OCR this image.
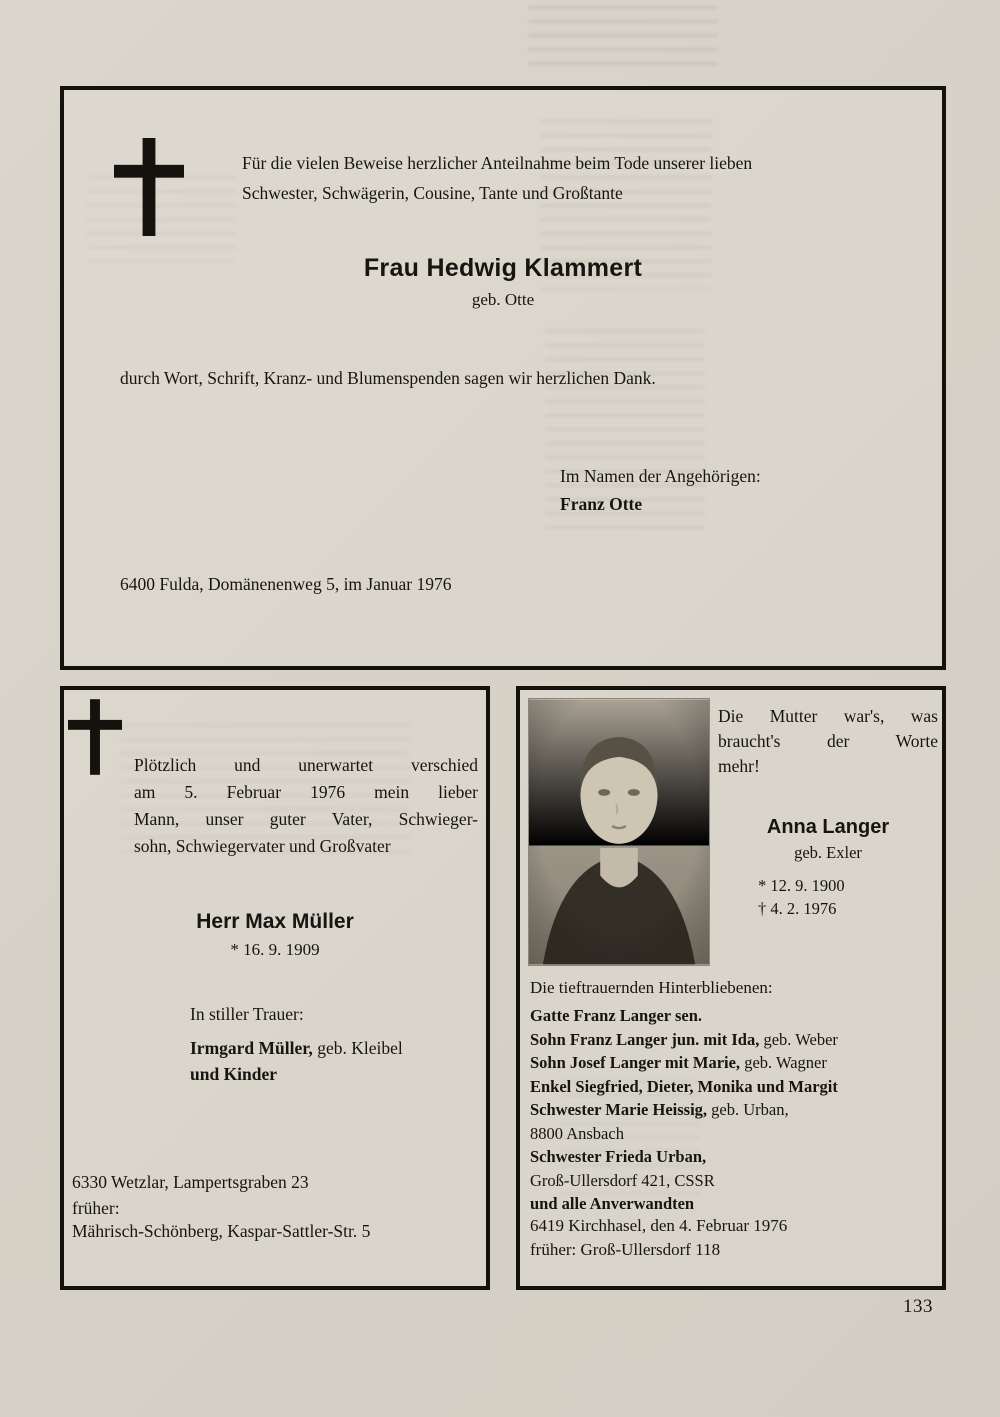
Für die vielen Beweise herzlicher Anteilnahme beim Tode unserer lieben
Schwester, Schwägerin, Cousine, Tante und Großtante
Frau Hedwig Klammert
geb. Otte
durch Wort, Schrift, Kranz- und Blumenspenden sagen wir herzlichen Dank.
Im Namen der Angehörigen:
Franz Otte
6400 Fulda, Domänenenweg 5, im Januar 1976
Plötzlich und unerwartet verschied
am 5. Februar 1976 mein lieber
Mann, unser guter Vater, Schwieger-
sohn, Schwiegervater und Großvater
Herr Max Müller
* 16. 9. 1909
In stiller Trauer:
Irmgard Müller, geb. Kleibel
und Kinder
6330 Wetzlar, Lampertsgraben 23
früher:
Mährisch-Schönberg, Kaspar-Sattler-Str. 5
Die Mutter war's, was
braucht's der Worte
mehr!
Anna Langer
geb. Exler
* 12. 9. 1900
† 4. 2. 1976
Die tieftrauernden Hinterbliebenen:
Gatte Franz Langer sen.
Sohn Franz Langer jun. mit Ida, geb. Weber
Sohn Josef Langer mit Marie, geb. Wagner
Enkel Siegfried, Dieter, Monika und Margit
Schwester Marie Heissig, geb. Urban,
8800 Ansbach
Schwester Frieda Urban,
Groß-Ullersdorf 421, CSSR
und alle Anverwandten
6419 Kirchhasel, den 4. Februar 1976
früher: Groß-Ullersdorf 118
133
